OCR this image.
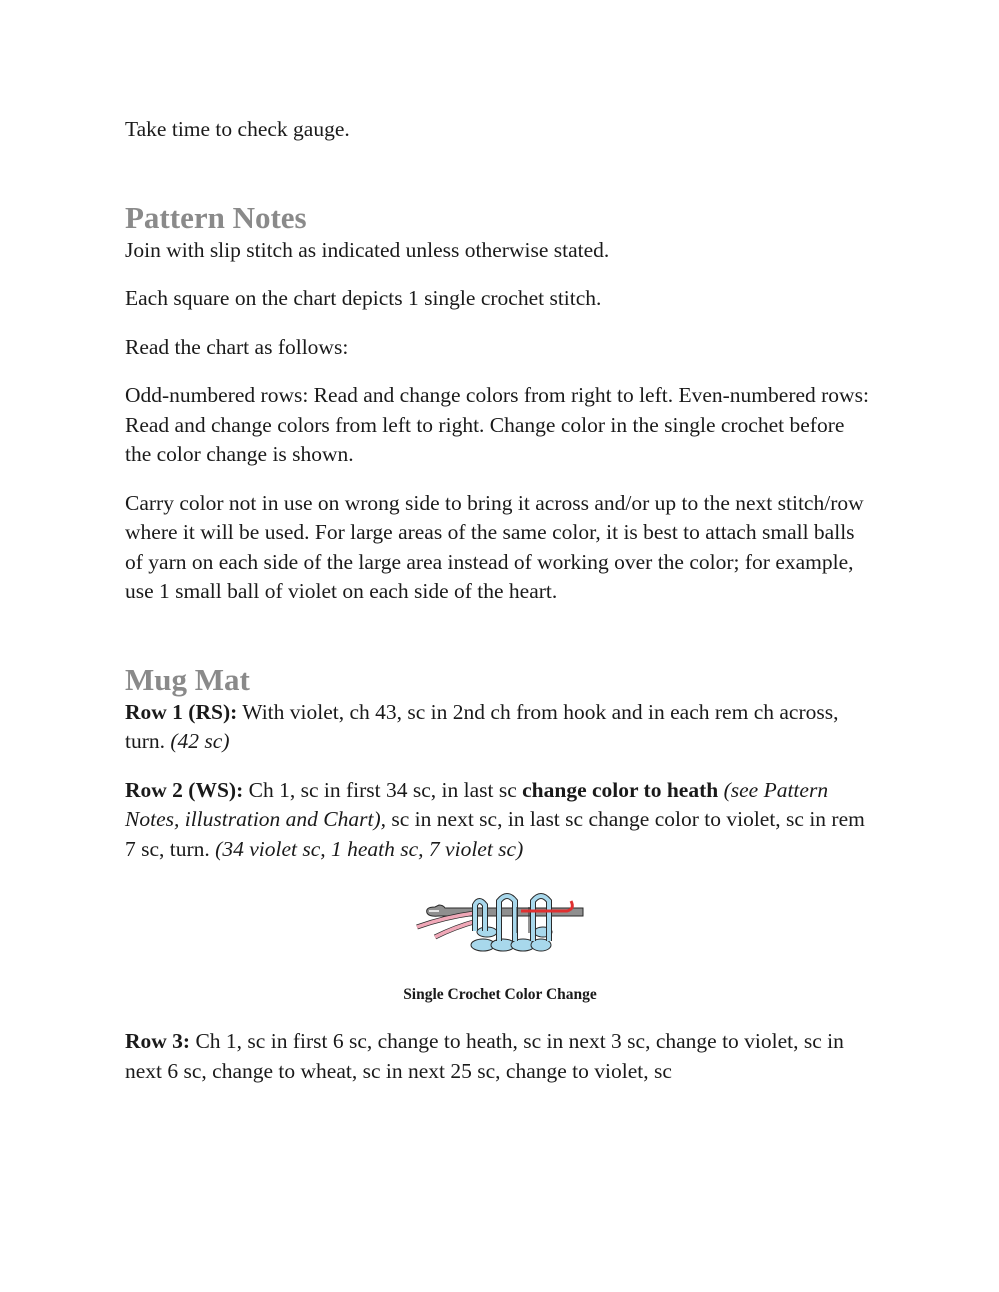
Take time to check gauge.

Pattern Notes

Join with slip stitch as indicated unless otherwise stated.

Each square on the chart depicts 1 single crochet stitch.

Read the chart as follows:

Odd-numbered rows: Read and change colors from right to left. Even-numbered rows: Read and change colors from left to right. Change color in the single crochet before the color change is shown.

Carry color not in use on wrong side to bring it across and/or up to the next stitch/row where it will be used. For large areas of the same color, it is best to attach small balls of yarn on each side of the large area instead of working over the color; for example, use 1 small ball of violet on each side of the heart.

Mug Mat

Row 1 (RS): With violet, ch 43, sc in 2nd ch from hook and in each rem ch across, turn. (42 sc)

Row 2 (WS): Ch 1, sc in first 34 sc, in last sc change color to heath (see Pattern Notes, illustration and Chart), sc in next sc, in last sc change color to violet, sc in rem 7 sc, turn. (34 violet sc, 1 heath sc, 7 violet sc)

Single Crochet Color Change

Row 3: Ch 1, sc in first 6 sc, change to heath, sc in next 3 sc, change to violet, sc in next 6 sc, change to wheat, sc in next 25 sc, change to violet, sc
